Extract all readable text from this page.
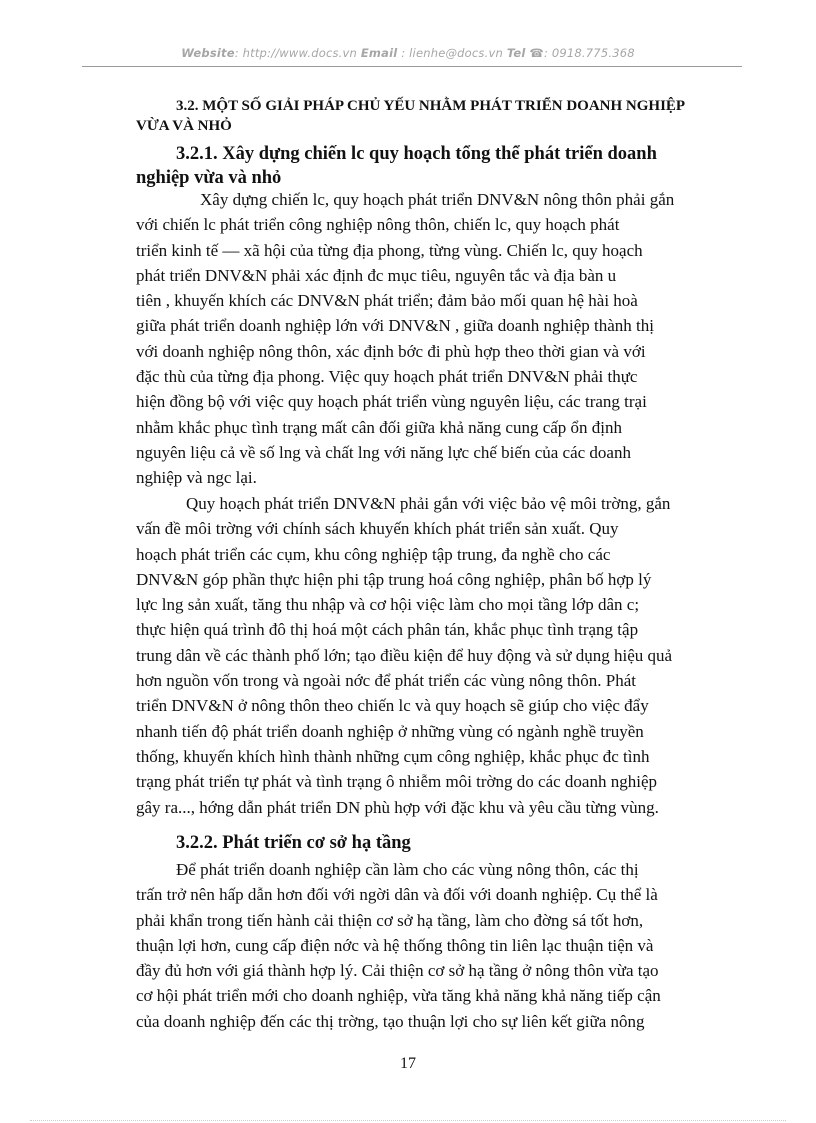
Website: http://www.docs.vn Email : lienhe@docs.vn Tel ☎: 0918.775.368
3.2. MỘT SỐ GIẢI PHÁP CHỦ YẾU NHẰM PHÁT TRIỂN DOANH NGHIỆP
VỪA VÀ NHỎ
3.2.1. Xây dựng chiến lc quy hoạch tổng thể phát triển doanh
nghiệp vừa và nhỏ
Xây dựng chiến lc, quy hoạch phát triển DNV&N nông thôn phải gắn
với chiến lc phát triển công nghiệp nông thôn, chiến lc, quy hoạch phát
triển kinh tế — xã hội của từng địa phong, từng vùng. Chiến lc, quy hoạch
phát triển DNV&N phải xác định đc mục tiêu, nguyên tắc và địa bàn u
tiên , khuyến khích các DNV&N phát triển; đảm bảo mối quan hệ hài hoà
giữa phát triển doanh nghiệp lớn với DNV&N , giữa doanh nghiệp thành thị
với doanh nghiệp nông thôn, xác định bớc đi phù hợp theo thời gian và với
đặc thù của từng địa phong. Việc quy hoạch phát triển DNV&N phải thực
hiện đồng bộ với việc quy hoạch phát triển vùng nguyên liệu, các trang trại
nhằm khắc phục tình trạng mất cân đối giữa khả năng cung cấp ổn định
nguyên liệu cả về số lng và chất lng với năng lực chế biến của các doanh
nghiệp và ngc lại.
Quy hoạch phát triển DNV&N phải gắn với việc bảo vệ môi trờng, gắn
vấn đề môi trờng với chính sách khuyến khích phát triển sản xuất. Quy
hoạch phát triển các cụm, khu công nghiệp tập trung, đa nghề cho các
DNV&N góp phần thực hiện phi tập trung hoá công nghiệp, phân bố hợp lý
lực lng sản xuất, tăng thu nhập và cơ hội việc làm cho mọi tầng lớp dân c;
thực hiện quá trình đô thị hoá một cách phân tán, khắc phục tình trạng tập
trung dân về các thành phố lớn; tạo điều kiện để huy động và sử dụng hiệu quả
hơn nguồn vốn trong và ngoài nớc để phát triển các vùng nông thôn. Phát
triển DNV&N ở nông thôn theo chiến lc và quy hoạch sẽ giúp cho việc đẩy
nhanh tiến độ phát triển doanh nghiệp ở những vùng có ngành nghề truyền
thống, khuyến khích hình thành những cụm công nghiệp, khắc phục đc tình
trạng phát triển tự phát và tình trạng ô nhiễm môi trờng do các doanh nghiệp
gây ra..., hớng dẫn phát triển DN phù hợp với đặc khu và yêu cầu từng vùng.
3.2.2. Phát triển cơ sở hạ tầng
Để phát triển doanh nghiệp cần làm cho các vùng nông thôn, các thị
trấn trở nên hấp dẫn hơn đối với ngời dân và đối với doanh nghiệp. Cụ thể là
phải khẩn trong tiến hành cải thiện cơ sở hạ tầng, làm cho đờng sá tốt hơn,
thuận lợi hơn, cung cấp điện nớc và hệ thống thông tin liên lạc thuận tiện và
đầy đủ hơn với giá thành hợp lý. Cải thiện cơ sở hạ tầng ở nông thôn vừa tạo
cơ hội phát triển mới cho doanh nghiệp, vừa tăng khả năng khả năng tiếp cận
của doanh nghiệp đến các thị trờng, tạo thuận lợi cho sự liên kết giữa nông
17
